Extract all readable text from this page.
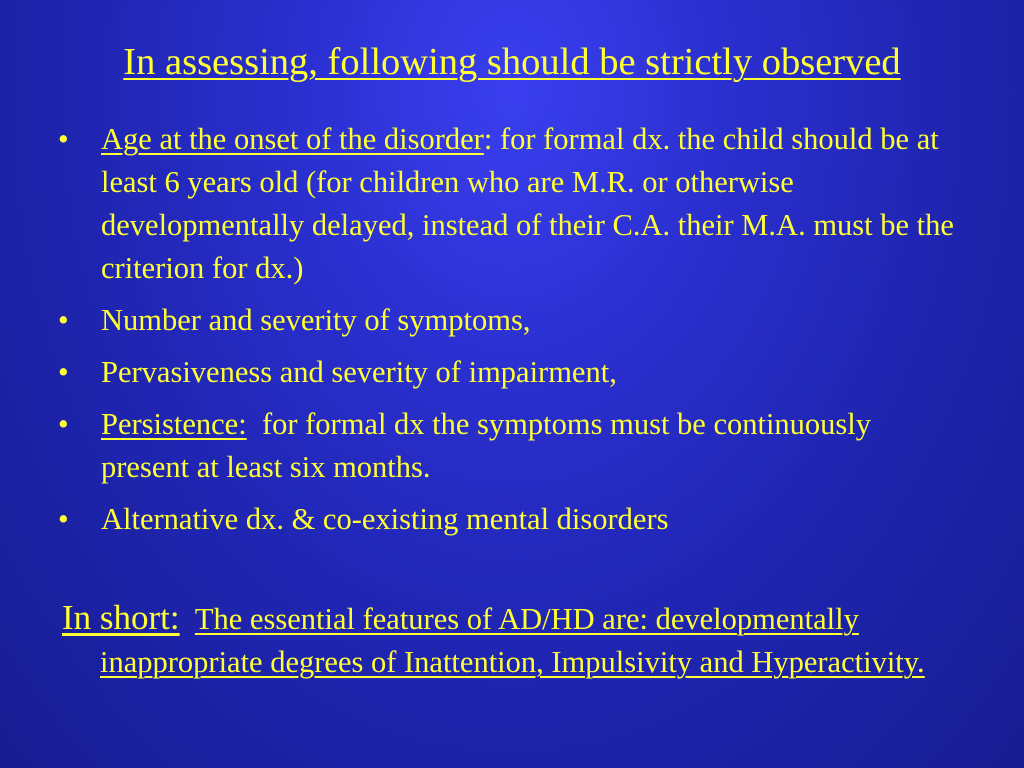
In assessing, following should be strictly observed
• Age at the onset of the disorder: for formal dx. the child should be at least 6 years old (for children who are M.R. or otherwise developmentally delayed, instead of their C.A. their M.A. must be the criterion for dx.)
• Number and severity of symptoms,
• Pervasiveness and severity of impairment,
• Persistence:  for formal dx the symptoms must be continuously present at least six months.
• Alternative dx. & co-existing mental disorders
In short: The essential features of AD/HD are: developmentally inappropriate degrees of Inattention, Impulsivity and Hyperactivity.
